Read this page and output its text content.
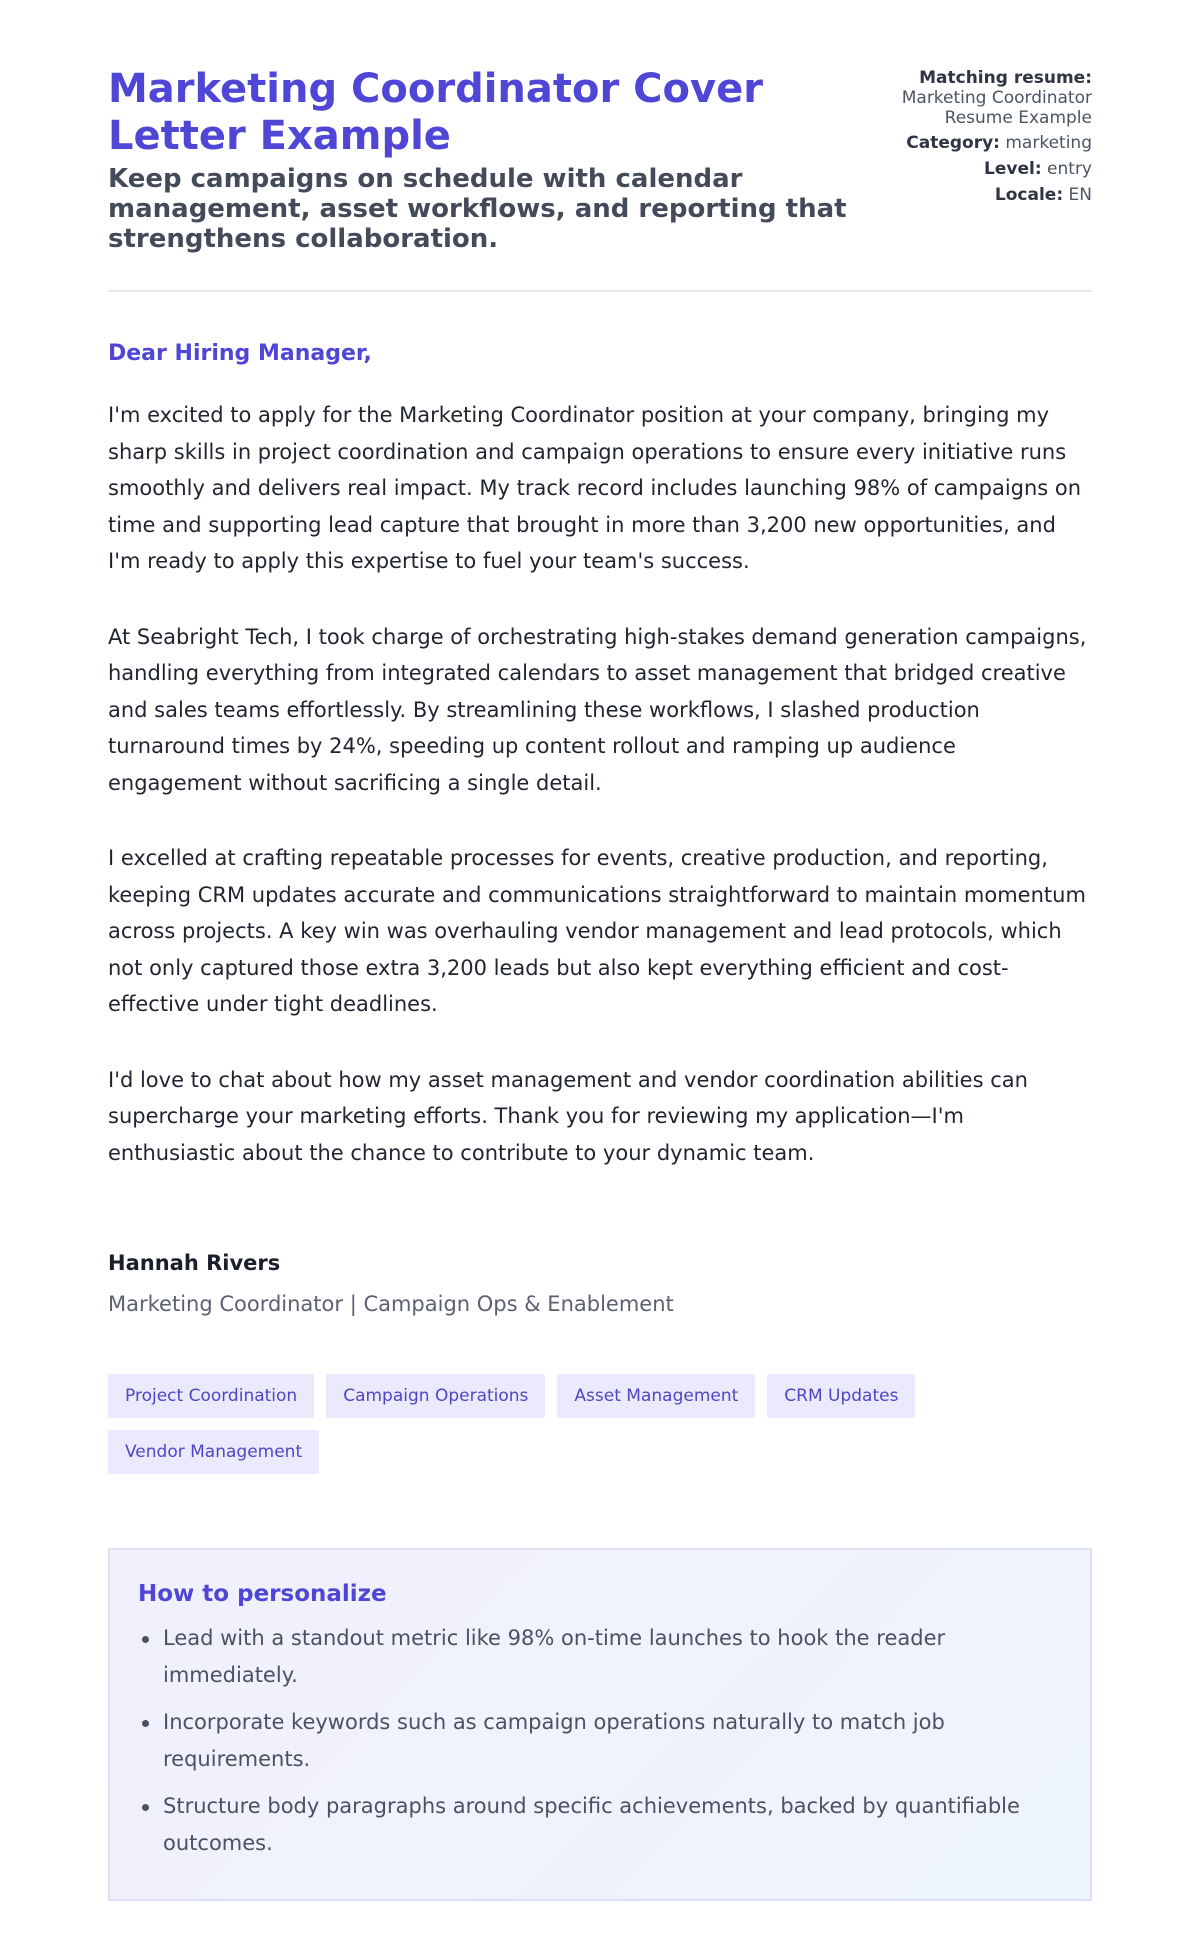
Marketing Coordinator Cover Letter Example
Keep campaigns on schedule with calendar management, asset workflows, and reporting that strengthens collaboration.
Matching resume:
Marketing Coordinator Resume Example
Category: marketing
Level: entry
Locale: EN
Dear Hiring Manager,

I'm excited to apply for the Marketing Coordinator position at your company, bringing my sharp skills in project coordination and campaign operations to ensure every initiative runs smoothly and delivers real impact. My track record includes launching 98% of campaigns on time and supporting lead capture that brought in more than 3,200 new opportunities, and I'm ready to apply this expertise to fuel your team's success.

At Seabright Tech, I took charge of orchestrating high-stakes demand generation campaigns, handling everything from integrated calendars to asset management that bridged creative and sales teams effortlessly. By streamlining these workflows, I slashed production turnaround times by 24%, speeding up content rollout and ramping up audience engagement without sacrificing a single detail.

I excelled at crafting repeatable processes for events, creative production, and reporting, keeping CRM updates accurate and communications straightforward to maintain momentum across projects. A key win was overhauling vendor management and lead protocols, which not only captured those extra 3,200 leads but also kept everything efficient and cost-effective under tight deadlines.

I'd love to chat about how my asset management and vendor coordination abilities can supercharge your marketing efforts. Thank you for reviewing my application—I'm enthusiastic about the chance to contribute to your dynamic team.

Hannah Rivers
Marketing Coordinator | Campaign Ops & Enablement
Project Coordination	Campaign Operations	Asset Management	CRM Updates
Vendor Management
How to personalize
Lead with a standout metric like 98% on-time launches to hook the reader immediately.
Incorporate keywords such as campaign operations naturally to match job requirements.
Structure body paragraphs around specific achievements, backed by quantifiable outcomes.
